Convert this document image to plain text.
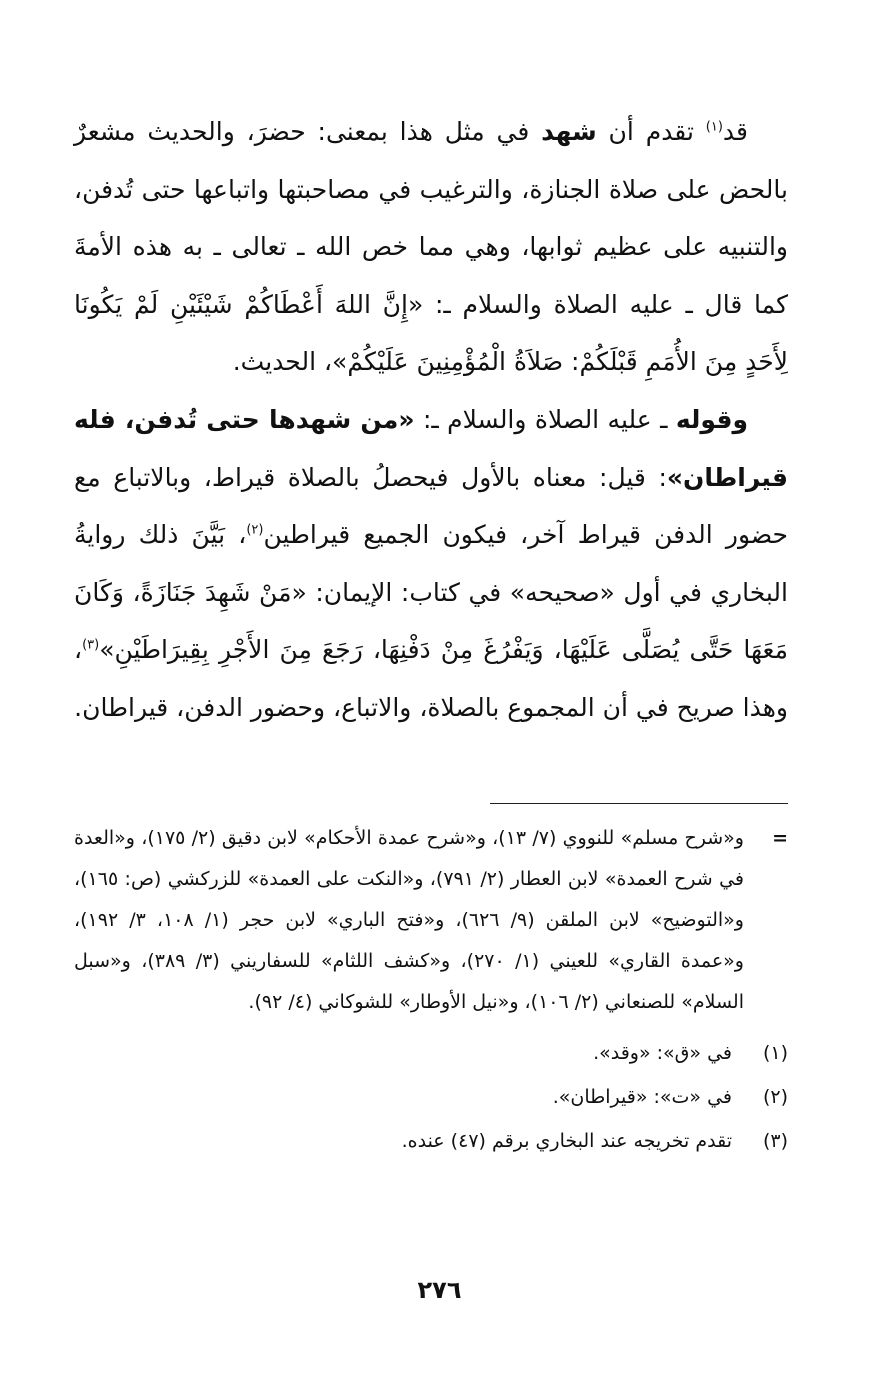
قد$^{(١)}$ تقدم أن شهد في مثل هذا بمعنى: حضرَ، والحديث مشعرٌ بالحض على صلاة الجنازة، والترغيب في مصاحبتها واتباعها حتى تُدفن، والتنبيه على عظيم ثوابها، وهي مما خص الله ـ تعالى ـ به هذه الأمةَ كما قال ـ عليه الصلاة والسلام ـ: «إِنَّ اللهَ أَعْطَاكُمْ شَيْئَيْنِ لَمْ يَكُونَا لِأَحَدٍ مِنَ الأُمَمِ قَبْلَكُمْ: صَلاَةُ الْمُؤْمِنِينَ عَلَيْكُمْ»، الحديث.

وقوله ـ عليه الصلاة والسلام ـ: «من شهدها حتى تُدفن، فله قيراطان»: قيل: معناه بالأول فيحصلُ بالصلاة قيراط، وبالاتباع مع حضور الدفن قيراط آخر، فيكون الجميع قيراطين$^{(٢)}$، بَيَّنَ ذلك روايةُ البخاري في أول «صحيحه» في كتاب: الإيمان: «مَنْ شَهِدَ جَنَازَةً، وَكَانَ مَعَهَا حَتَّى يُصَلَّى عَلَيْهَا، وَيَفْرُغَ مِنْ دَفْنِهَا، رَجَعَ مِنَ الأَجْرِ بِقِيرَاطَيْنِ»$^{(٣)}$، وهذا صريح في أن المجموع بالصلاة، والاتباع، وحضور الدفن، قيراطان.

=
و«شرح مسلم» للنووي (٧/ ١٣)، و«شرح عمدة الأحكام» لابن دقيق (٢/ ١٧٥)، و«العدة في شرح العمدة» لابن العطار (٢/ ٧٩١)، و«النكت على العمدة» للزركشي (ص: ١٦٥)، و«التوضيح» لابن الملقن (٩/ ٦٢٦)، و«فتح الباري» لابن حجر (١/ ١٠٨، ٣/ ١٩٢)، و«عمدة القاري» للعيني (١/ ٢٧٠)، و«كشف اللثام» للسفاريني (٣/ ٣٨٩)، و«سبل السلام» للصنعاني (٢/ ١٠٦)، و«نيل الأوطار» للشوكاني (٤/ ٩٢).
(١)
في «ق»: «وقد».
(٢)
في «ت»: «قيراطان».
(٣)
تقدم تخريجه عند البخاري برقم (٤٧) عنده.
٢٧٦
